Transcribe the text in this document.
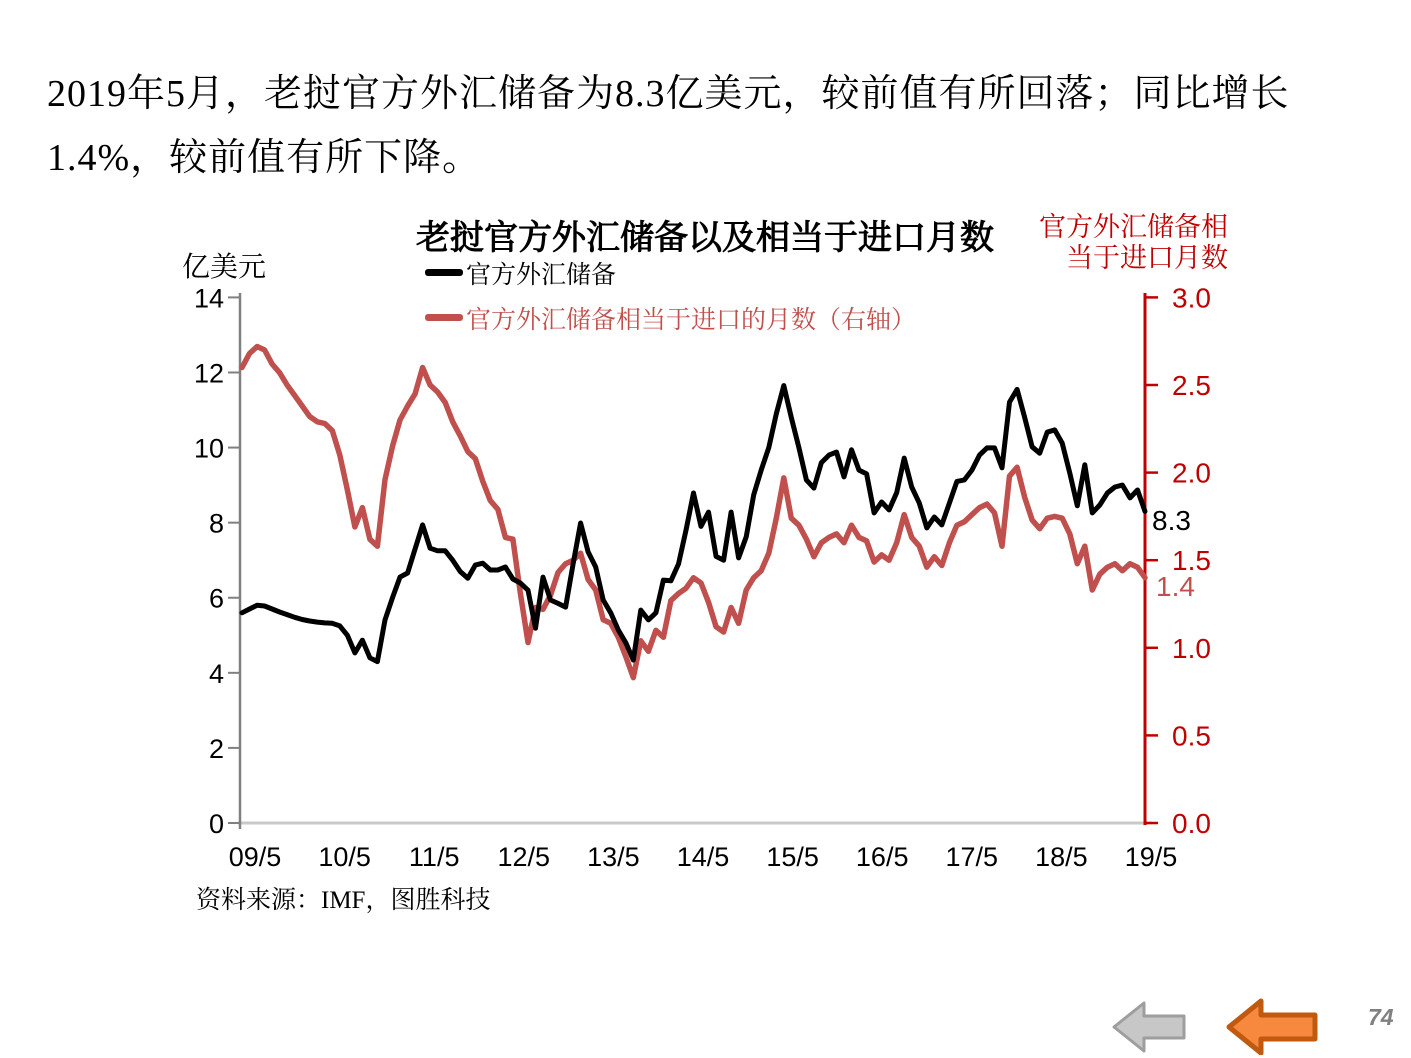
2019年5月，老挝官方外汇储备为8.3亿美元，较前值有所回落；同比增长
1.4%，较前值有所下降。
0
2
4
6
8
10
12
14
0.0
0.5
1.0
1.5
2.0
2.5
3.0
09/5 10/5 11/5 12/5 13/5 14/5 15/5 16/5 17/5 18/5 19/5
8.3
1.4
老挝官方外汇储备以及相当于进口月数	官方外汇储备相
当于进口月数
亿美元	官方外汇储备
官方外汇储备相当于进口的月数（右轴）
资料来源：IMF，图胜科技
74
